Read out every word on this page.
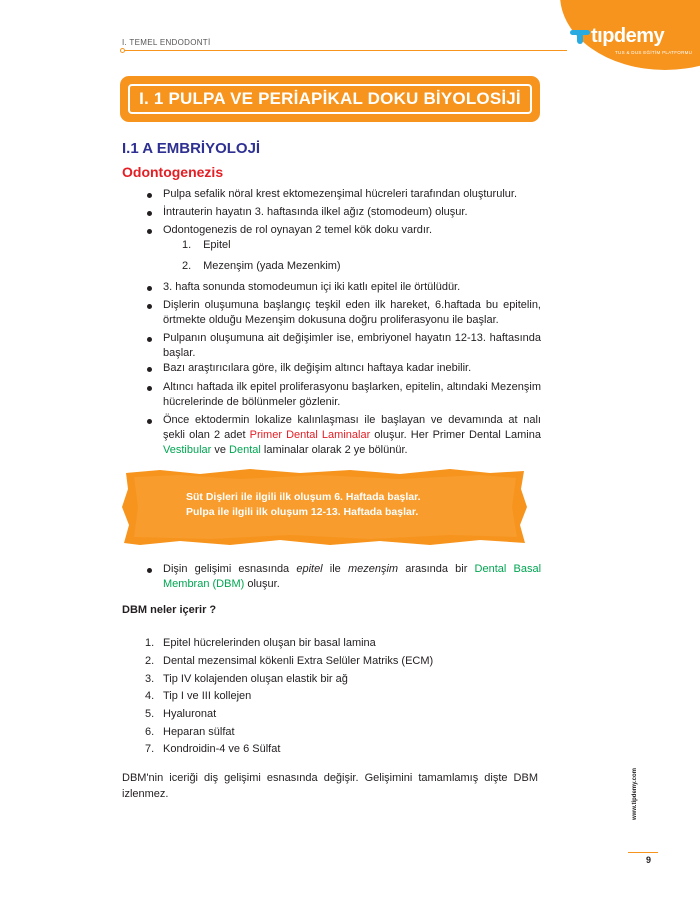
I. TEMEL ENDODONTİ	tıpdemy
TUS & DUS EĞİTİM PLATFORMU
I. 1 PULPA VE PERİAPİKAL DOKU BİYOLOSİJİ
I.1 A EMBRİYOLOJİ
Odontogenezis
Pulpa sefalik nöral krest ektomezenşimal hücreleri tarafından oluşturulur.
İntrauterin hayatın 3. haftasında ilkel ağız (stomodeum) oluşur.
Odontogenezis de rol oynayan 2 temel kök doku vardır.
1. Epitel
2. Mezenşim (yada Mezenkim)
3. hafta sonunda stomodeumun içi iki katlı epitel ile örtülüdür.
Dişlerin oluşumuna başlangıç teşkil eden ilk hareket, 6.haftada bu epitelin, örtmekte olduğu Mezenşim dokusuna doğru proliferasyonu ile başlar.
Pulpanın oluşumuna ait değişimler ise, embriyonel hayatın 12-13. haftasında başlar.
Bazı araştırıcılara göre, ilk değişim altıncı haftaya kadar inebilir.
Altıncı haftada ilk epitel proliferasyonu başlarken, epitelin, altındaki Mezenşim hücrelerinde de bölünmeler gözlenir.
Önce ektodermin lokalize kalınlaşması ile başlayan ve devamında at nalı şekli olan 2 adet Primer Dental Laminalar oluşur. Her Primer Dental Lamina Vestibular ve Dental laminalar olarak 2 ye bölünür.
Süt Dişleri ile ilgili ilk oluşum 6. Haftada başlar.
Pulpa ile ilgili ilk oluşum 12-13. Haftada başlar.
Dişin gelişimi esnasında epitel ile mezenşim arasında bir Dental Basal Membran (DBM) oluşur.
DBM neler içerir ?
1. Epitel hücrelerinden oluşan bir basal lamina
2. Dental mezensimal kökenli Extra Selüler Matriks (ECM)
3. Tip IV kolajenden oluşan elastik bir ağ
4. Tip I ve III kollejen
5. Hyaluronat
6. Heparan sülfat
7. Kondroidin-4 ve 6 Sülfat
DBM'nin iceriği diş gelişimi esnasında değişir. Gelişimini tamamlamış dişte DBM izlenmez.	www.tipdemy.com
9
